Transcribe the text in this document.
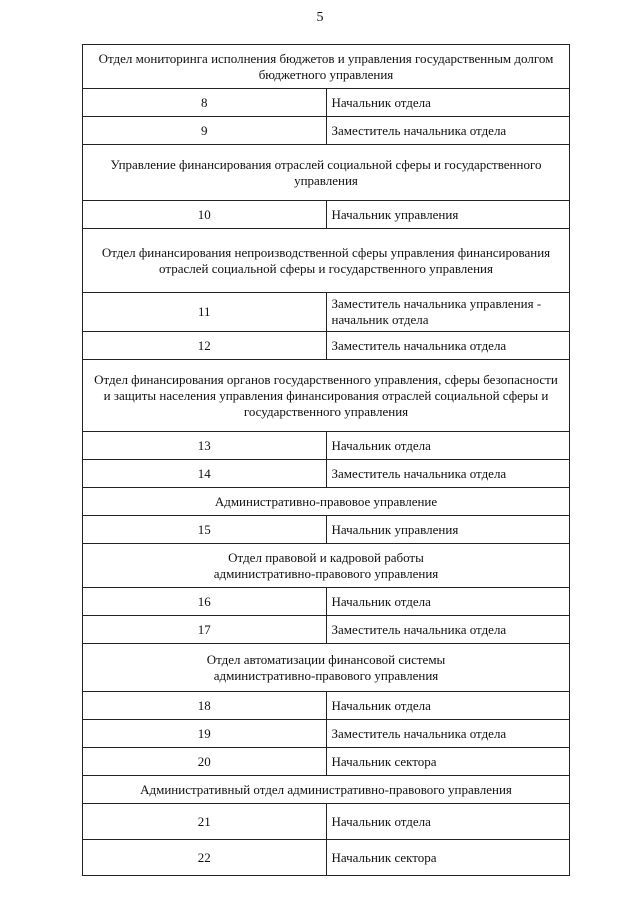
5
Отдел мониторинга исполнения бюджетов и управления государственным долгом бюджетного управления	
8	Начальник отдела
9	Заместитель начальника отдела
Управление финансирования отраслей социальной сферы и государственного управления	
10	Начальник управления
Отдел финансирования непроизводственной сферы управления финансирования отраслей социальной сферы и государственного управления	
11	Заместитель начальника управления - начальник отдела
12	Заместитель начальника отдела
Отдел финансирования органов государственного управления, сферы безопасности и защиты населения управления финансирования отраслей социальной сферы и государственного управления	
13	Начальник отдела
14	Заместитель начальника отдела
Административно-правовое управление	
15	Начальник управления
Отдел правовой и кадровой работы
административно-правового управления	
16	Начальник отдела
17	Заместитель начальника отдела
Отдел автоматизации финансовой системы
административно-правового управления	
18	Начальник отдела
19	Заместитель начальника отдела
20	Начальник сектора
Административный отдел административно-правового управления	
21	Начальник отдела
22	Начальник сектора
